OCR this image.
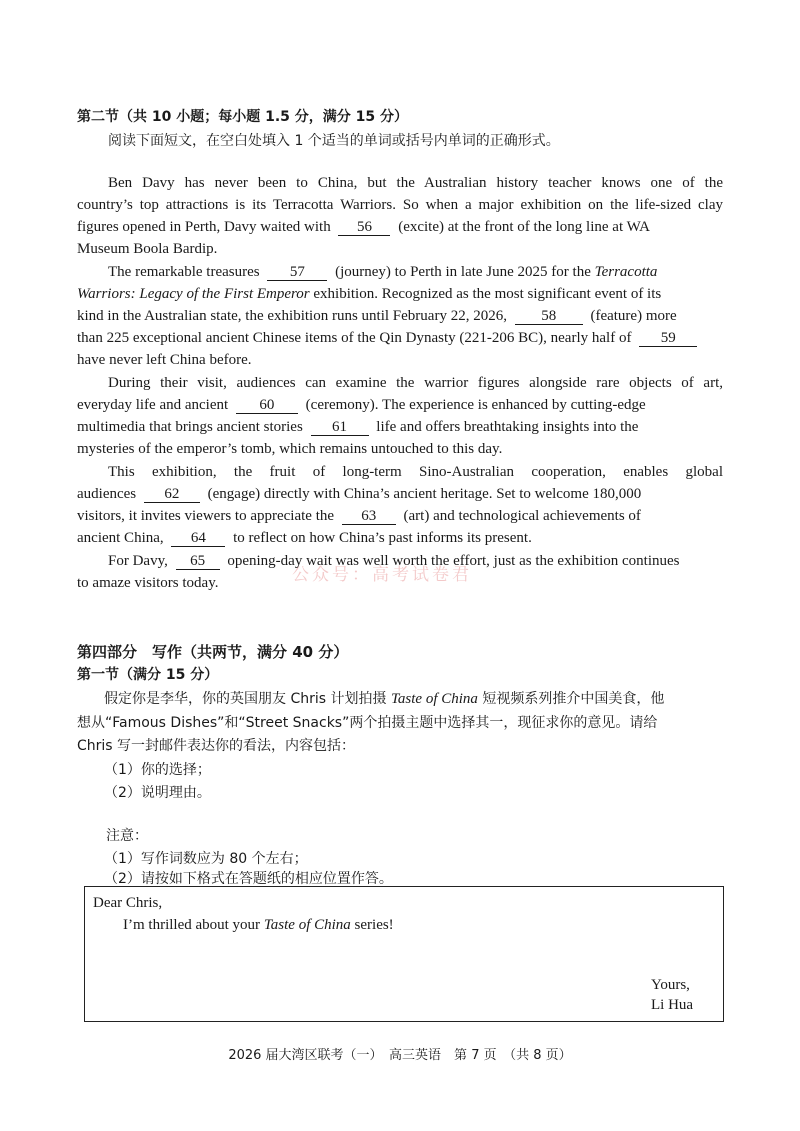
第二节（共 10 小题；每小题 1.5 分，满分 15 分）
阅读下面短文，在空白处填入 1 个适当的单词或括号内单词的正确形式。
Ben Davy has never been to China, but the Australian history teacher knows one of the
country’s top attractions is its Terracotta Warriors. So when a major exhibition on the life-sized clay
figures opened in Perth, Davy waited with 56 (excite) at the front of the long line at WA
Museum Boola Bardip.
The remarkable treasures 57 (journey) to Perth in late June 2025 for the Terracotta
Warriors: Legacy of the First Emperor exhibition. Recognized as the most significant event of its
kind in the Australian state, the exhibition runs until February 22, 2026, 58 (feature) more
than 225 exceptional ancient Chinese items of the Qin Dynasty (221-206 BC), nearly half of 59
have never left China before.
During their visit, audiences can examine the warrior figures alongside rare objects of art,
everyday life and ancient 60 (ceremony). The experience is enhanced by cutting-edge
multimedia that brings ancient stories 61 life and offers breathtaking insights into the
mysteries of the emperor’s tomb, which remains untouched to this day.
This exhibition, the fruit of long-term Sino-Australian cooperation, enables global
audiences 62 (engage) directly with China’s ancient heritage. Set to welcome 180,000
visitors, it invites viewers to appreciate the 63 (art) and technological achievements of
ancient China, 64 to reflect on how China’s past informs its present.
公众号：高考试卷君
For Davy, 65 opening-day wait was well worth the effort, just as the exhibition continues
to amaze visitors today.
第四部分　写作（共两节，满分 40 分）
第一节（满分 15 分）
假定你是李华，你的英国朋友 Chris 计划拍摄 Taste of China 短视频系列推介中国美食，他
想从“Famous Dishes”和“Street Snacks”两个拍摄主题中选择其一，现征求你的意见。请给
Chris 写一封邮件表达你的看法，内容包括：
（1）你的选择；
（2）说明理由。
注意：
（1）写作词数应为 80 个左右；
（2）请按如下格式在答题纸的相应位置作答。
Dear Chris,
I’m thrilled about your Taste of China series!
Yours,
Li Hua
2026 届大湾区联考（一）　高三英语　第 7 页　（共 8 页）
